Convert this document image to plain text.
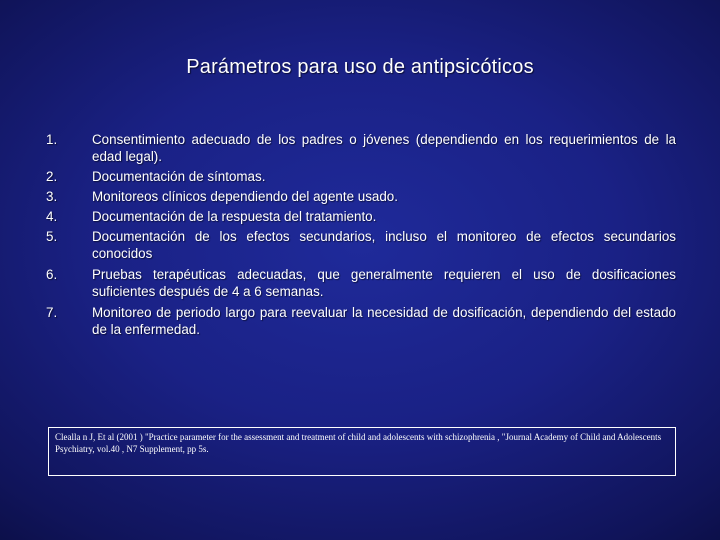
Parámetros para uso de antipsicóticos
1.	Consentimiento adecuado de los padres o jóvenes (dependiendo en los requerimientos de la edad legal).
2.	Documentación de síntomas.
3.	Monitoreos clínicos dependiendo del agente usado.
4.	Documentación de la respuesta del tratamiento.
5.	Documentación de los efectos secundarios, incluso el monitoreo de efectos secundarios conocidos
6.	Pruebas terapéuticas adecuadas, que generalmente requieren el uso de dosificaciones suficientes después de 4 a 6 semanas.
7.	Monitoreo de periodo largo para reevaluar la necesidad de dosificación, dependiendo del estado de la enfermedad.
Clealla n J, Et al (2001 ) "Practice parameter for the assessment and treatment of child and adolescents with schizophrenia , "Journal Academy of Child and Adolescents Psychiatry, vol.40 , N7 Supplement, pp 5s.
